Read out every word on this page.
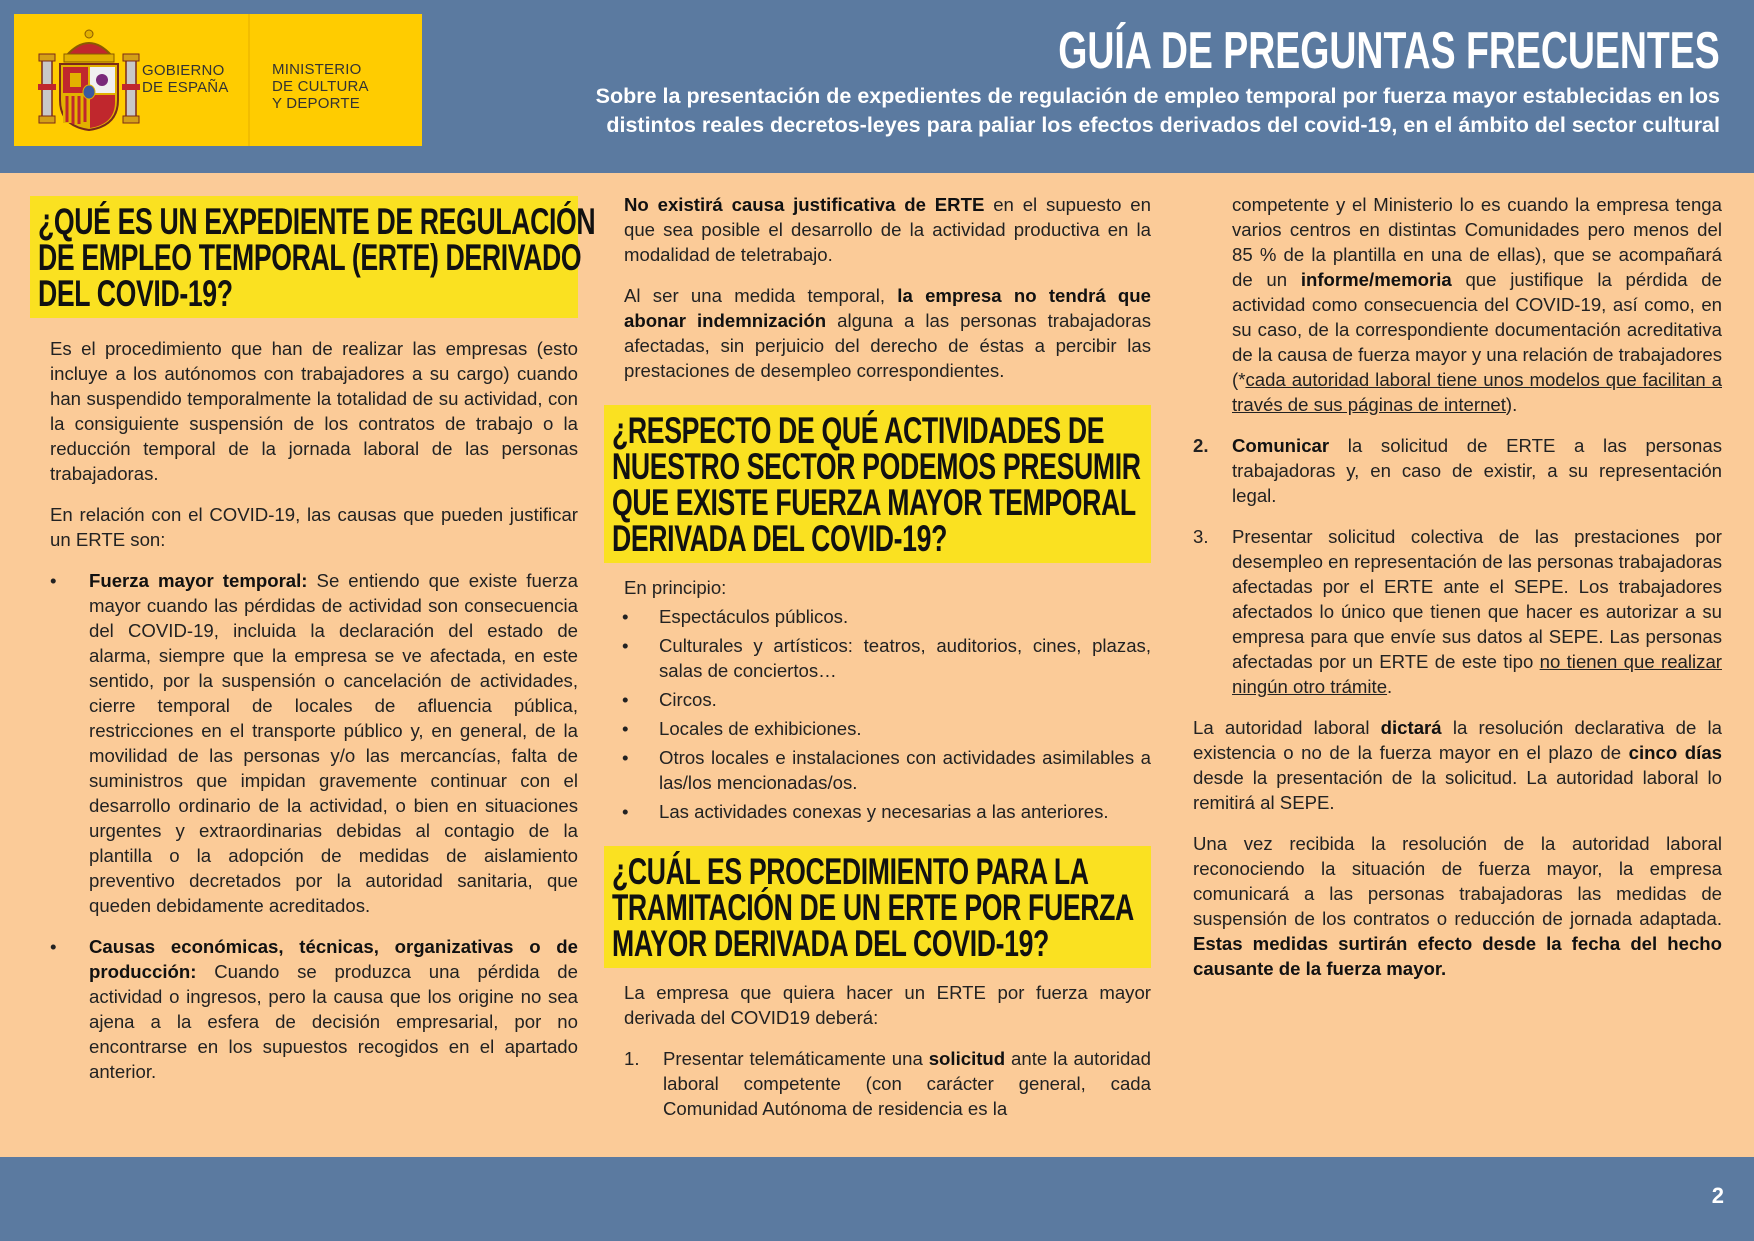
GOBIERNO
DE ESPAÑA
MINISTERIO
DE CULTURA
Y DEPORTE
GUÍA DE PREGUNTAS FRECUENTES
Sobre la presentación de expedientes de regulación de empleo temporal por fuerza mayor establecidas en los
distintos reales decretos-leyes para paliar los efectos derivados del covid-19, en el ámbito del sector cultural
¿QUÉ ES UN EXPEDIENTE DE REGULACIÓN
DE EMPLEO TEMPORAL (ERTE) DERIVADO
DEL COVID-19?

Es el procedimiento que han de realizar las empresas (esto incluye a los autónomos con trabajadores a su cargo) cuando han suspendido temporalmente la totalidad de su actividad, con la consiguiente suspensión de los contratos de trabajo o la reducción temporal de la jornada laboral de las personas trabajadoras.

En relación con el COVID-19, las causas que pueden justificar un ERTE son:

• Fuerza mayor temporal: Se entiendo que existe fuerza mayor cuando las pérdidas de actividad son consecuencia del COVID-19, incluida la declaración del estado de alarma, siempre que la empresa se ve afectada, en este sentido, por la suspensión o cancelación de actividades, cierre temporal de locales de afluencia pública, restricciones en el transporte público y, en general, de la movilidad de las personas y/o las mercancías, falta de suministros que impidan gravemente continuar con el desarrollo ordinario de la actividad, o bien en situaciones urgentes y extraordinarias debidas al contagio de la plantilla o la adopción de medidas de aislamiento preventivo decretados por la autoridad sanitaria, que queden debidamente acreditados.
• Causas económicas, técnicas, organizativas o de producción: Cuando se produzca una pérdida de actividad o ingresos, pero la causa que los origine no sea ajena a la esfera de decisión empresarial, por no encontrarse en los supuestos recogidos en el apartado anterior.

No existirá causa justificativa de ERTE en el supuesto en que sea posible el desarrollo de la actividad productiva en la modalidad de teletrabajo.

Al ser una medida temporal, la empresa no tendrá que abonar indemnización alguna a las personas trabajadoras afectadas, sin perjuicio del derecho de éstas a percibir las prestaciones de desempleo correspondientes.

¿RESPECTO DE QUÉ ACTIVIDADES DE
NUESTRO SECTOR PODEMOS PRESUMIR
QUE EXISTE FUERZA MAYOR TEMPORAL
DERIVADA DEL COVID-19?

En principio:

• Espectáculos públicos.
• Culturales y artísticos: teatros, auditorios, cines, plazas, salas de conciertos…
• Circos.
• Locales de exhibiciones.
• Otros locales e instalaciones con actividades asimilables a las/los mencionadas/os.
• Las actividades conexas y necesarias a las anteriores.
¿CUÁL ES PROCEDIMIENTO PARA LA
TRAMITACIÓN DE UN ERTE POR FUERZA
MAYOR DERIVADA DEL COVID-19?

La empresa que quiera hacer un ERTE por fuerza mayor derivada del COVID19 deberá:

1. Presentar telemáticamente una solicitud ante la autoridad laboral competente (con carácter general, cada Comunidad Autónoma de residencia es la
competente y el Ministerio lo es cuando la empresa tenga varios centros en distintas Comunidades pero menos del 85 % de la plantilla en una de ellas), que se acompañará de un informe/memoria que justifique la pérdida de actividad como consecuencia del COVID-19, así como, en su caso, de la correspondiente documentación acreditativa de la causa de fuerza mayor y una relación de trabajadores (*cada autoridad laboral tiene unos modelos que facilitan a través de sus páginas de internet).
2. Comunicar la solicitud de ERTE a las personas trabajadoras y, en caso de existir, a su representación legal.
3. Presentar solicitud colectiva de las prestaciones por desempleo en representación de las personas trabajadoras afectadas por el ERTE ante el SEPE. Los trabajadores afectados lo único que tienen que hacer es autorizar a su empresa para que envíe sus datos al SEPE. Las personas afectadas por un ERTE de este tipo no tienen que realizar ningún otro trámite.

La autoridad laboral dictará la resolución declarativa de la existencia o no de la fuerza mayor en el plazo de cinco días desde la presentación de la solicitud. La autoridad laboral lo remitirá al SEPE.

Una vez recibida la resolución de la autoridad laboral reconociendo la situación de fuerza mayor, la empresa comunicará a las personas trabajadoras las medidas de suspensión de los contratos o reducción de jornada adaptada. Estas medidas surtirán efecto desde la fecha del hecho causante de la fuerza mayor.

2
